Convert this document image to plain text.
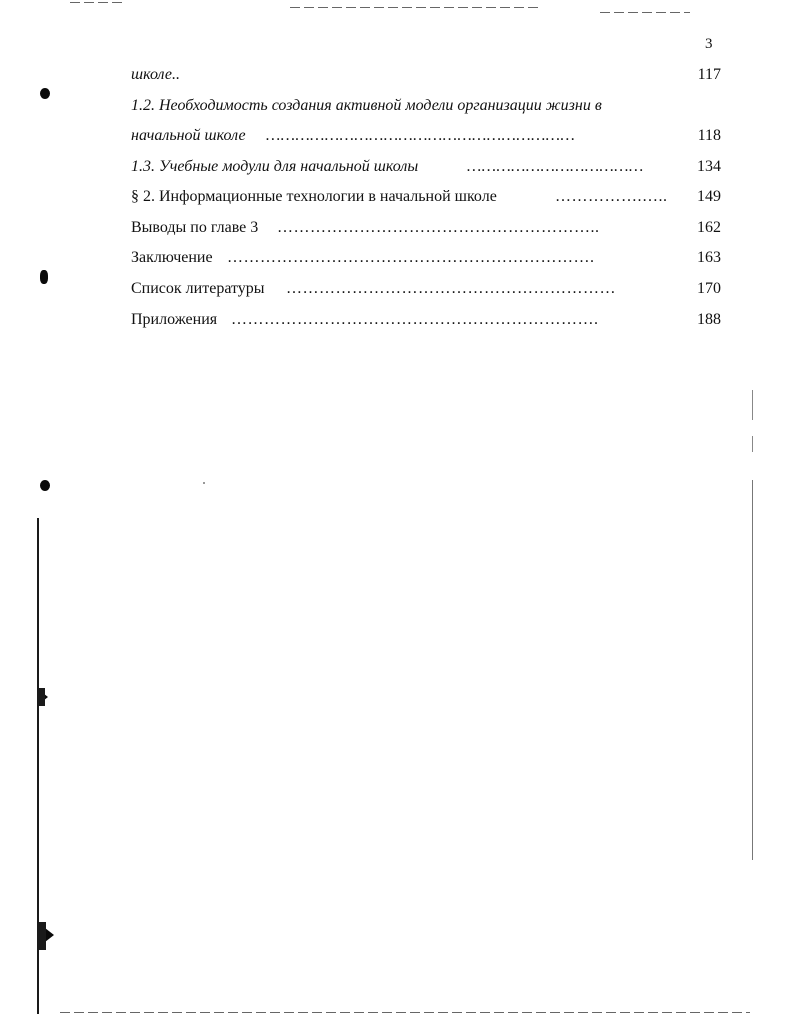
3
школе..	117
1.2. Необходимость создания активной модели организации жизни в
начальной школе ………………………………………………………	118
1.3. Учебные модули для начальной школы	………………………………	134
§ 2. Информационные технологии в начальной школе	…………….…..	149
Выводы по главе 3 …………………………………………………..	162
Заключение ………………………………………………………….	163
Список литературы ……………………………………………………	170
Приложения ………………………………………………………….	188
